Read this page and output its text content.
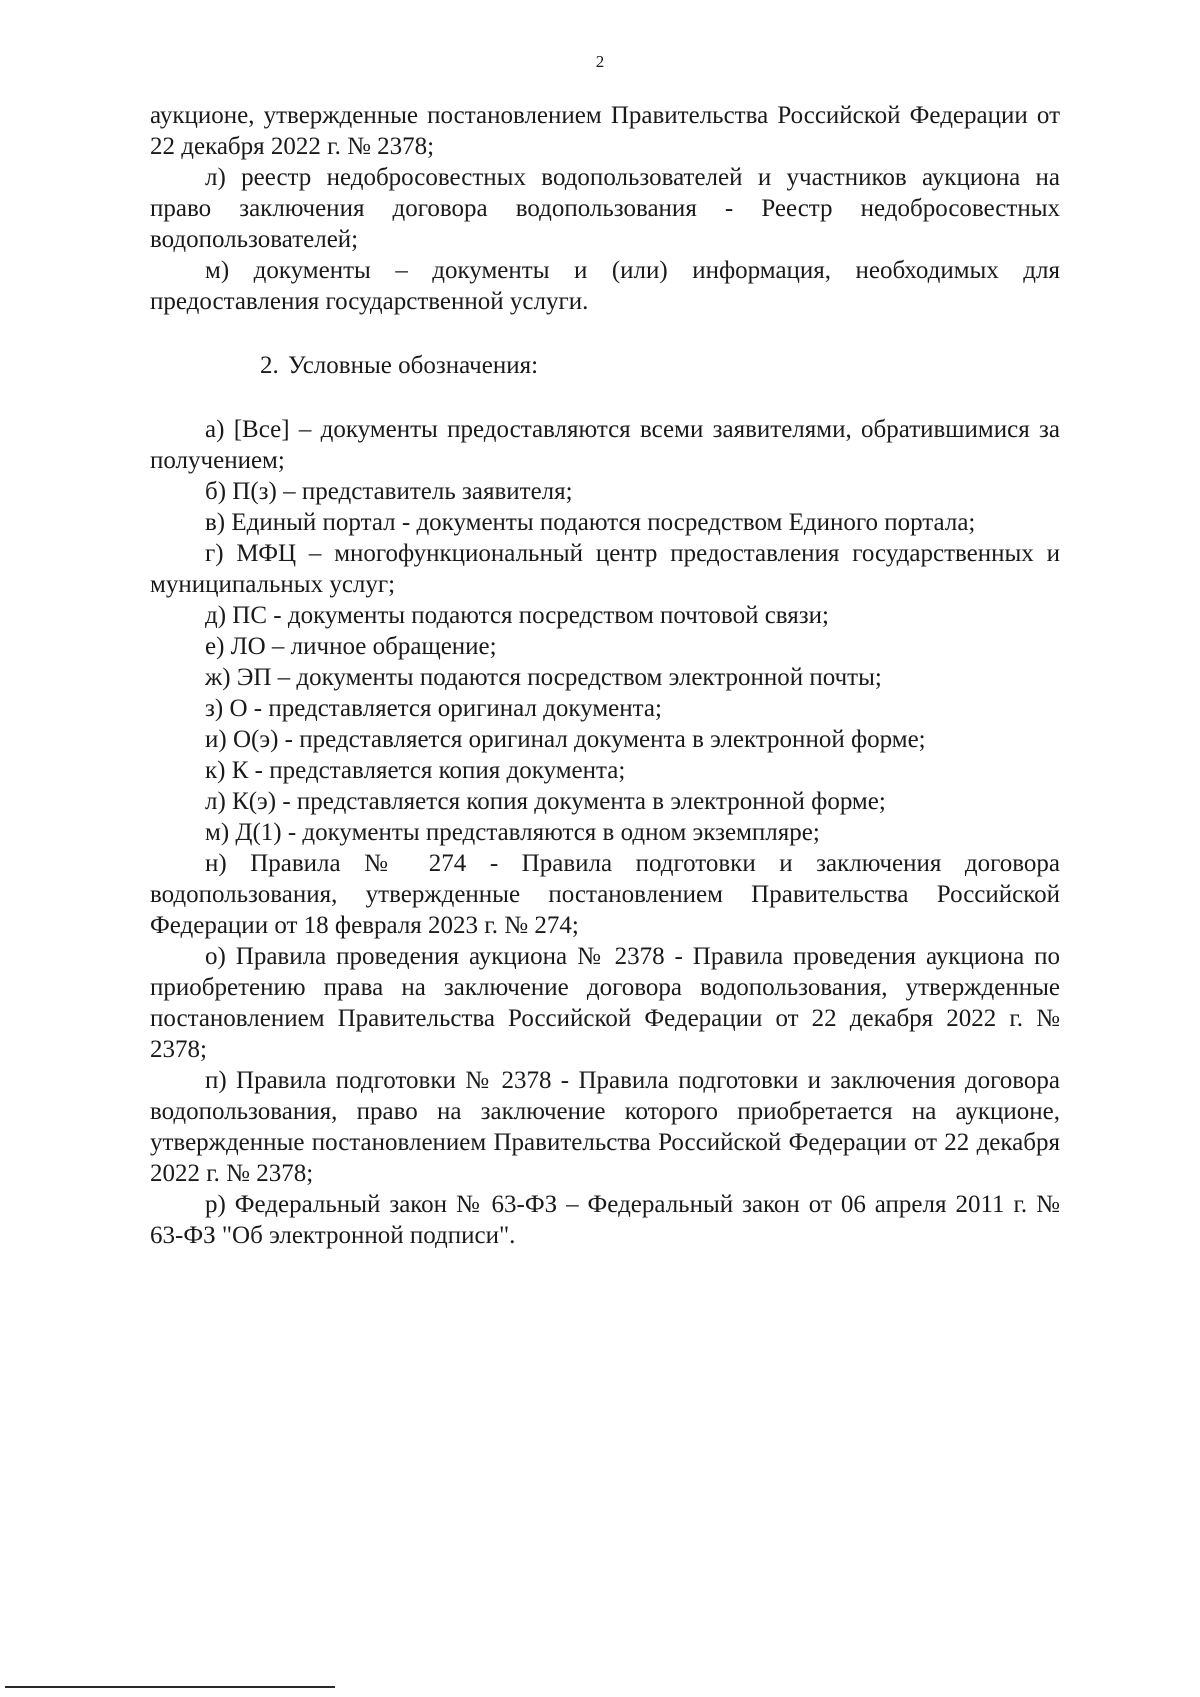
2

аукционе, утвержденные постановлением Правительства Российской Федерации от 22 декабря 2022 г. № 2378;

л) реестр недобросовестных водопользователей и участников аукциона на право заключения договора водопользования - Реестр недобросовестных водопользователей;

м) документы – документы и (или) информация, необходимых для предоставления государственной услуги.

2. Условные обозначения:

а) [Все] – документы предоставляются всеми заявителями, обратившимися за получением;

б) П(з) – представитель заявителя;

в) Единый портал - документы подаются посредством Единого портала;

г) МФЦ – многофункциональный центр предоставления государственных и муниципальных услуг;

д) ПС - документы подаются посредством почтовой связи;

е) ЛО – личное обращение;

ж) ЭП – документы подаются посредством электронной почты;

з) О - представляется оригинал документа;

и) О(э) - представляется оригинал документа в электронной форме;

к) К - представляется копия документа;

л) К(э) - представляется копия документа в электронной форме;

м) Д(1) - документы представляются в одном экземпляре;

н) Правила № 274 - Правила подготовки и заключения договора водопользования, утвержденные постановлением Правительства Российской Федерации от 18 февраля 2023 г. № 274;

о) Правила проведения аукциона № 2378 - Правила проведения аукциона по приобретению права на заключение договора водопользования, утвержденные постановлением Правительства Российской Федерации от 22 декабря 2022 г. № 2378;

п) Правила подготовки № 2378 - Правила подготовки и заключения договора водопользования, право на заключение которого приобретается на аукционе, утвержденные постановлением Правительства Российской Федерации от 22 декабря 2022 г. № 2378;

р) Федеральный закон № 63-ФЗ – Федеральный закон от 06 апреля 2011 г. № 63-ФЗ "Об электронной подписи".
